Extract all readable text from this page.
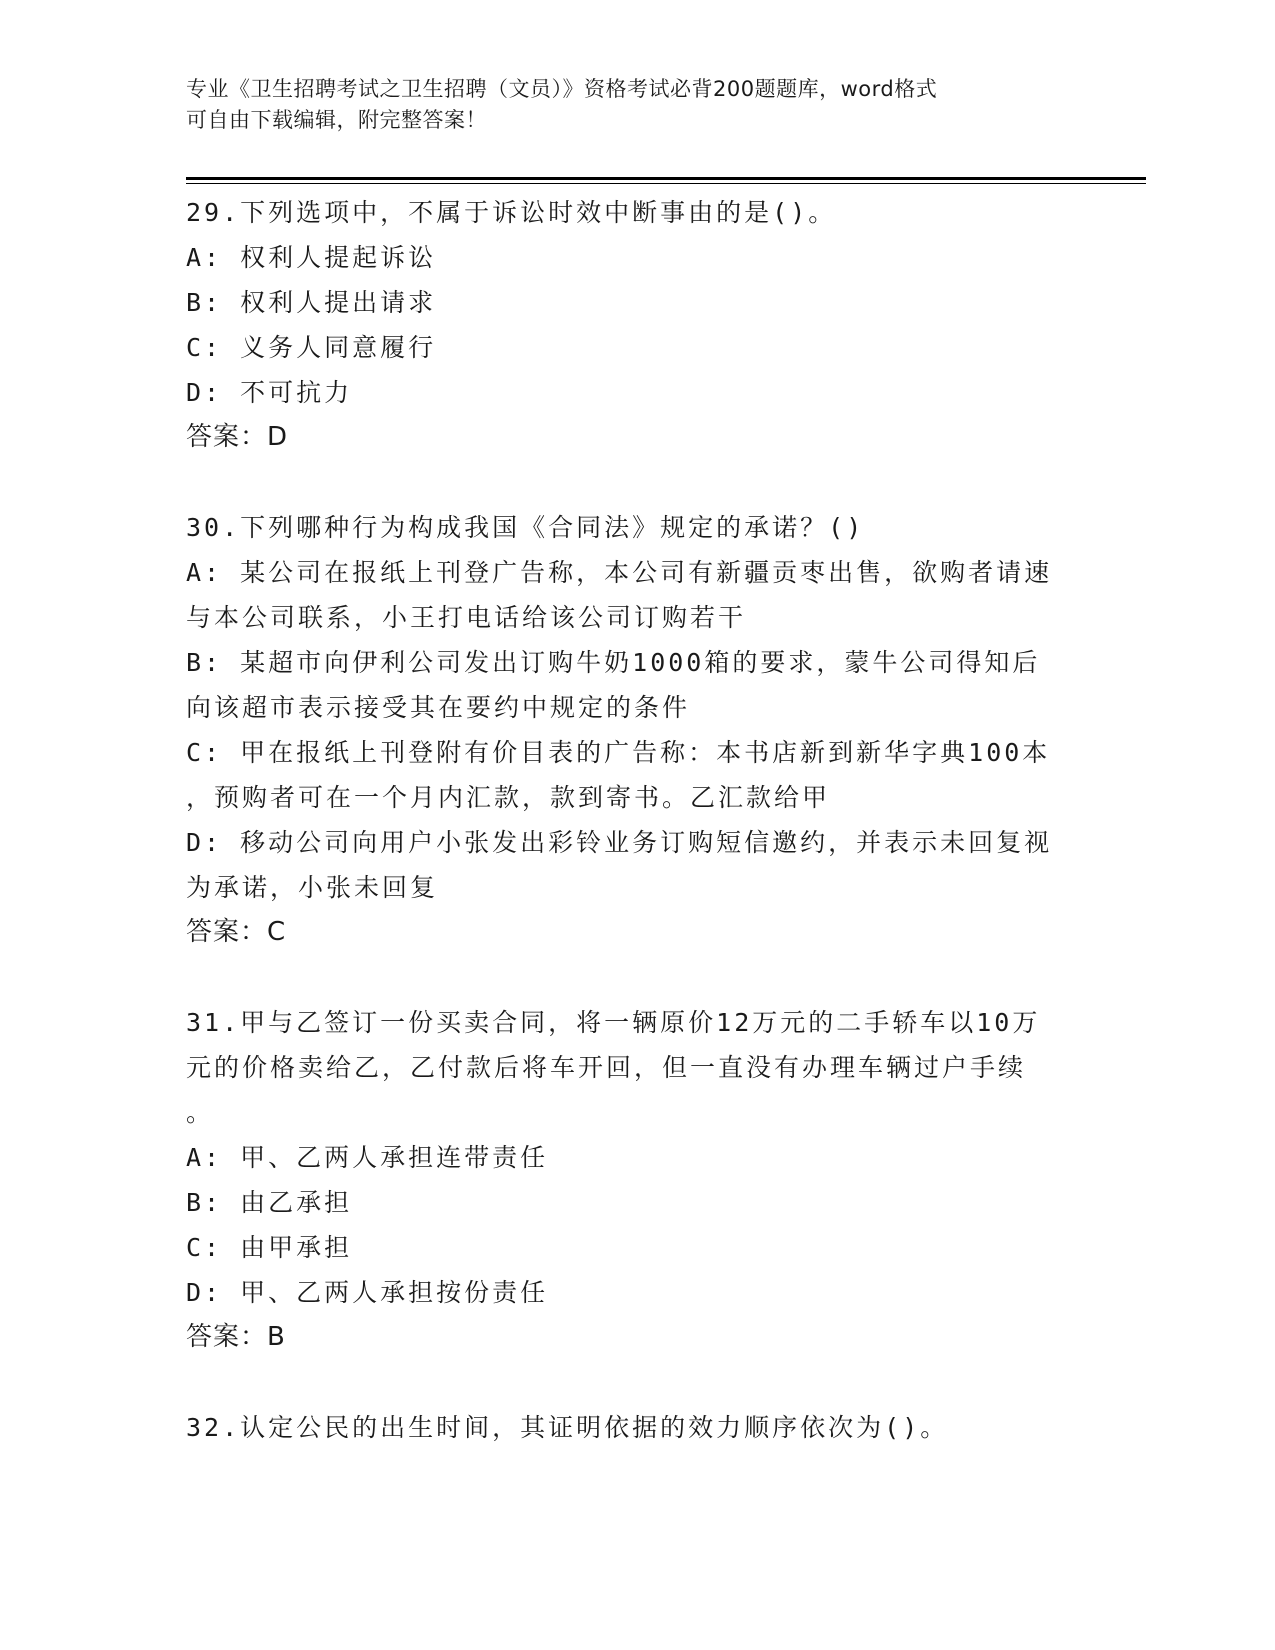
专业《卫生招聘考试之卫生招聘（文员）》资格考试必背200题题库，word格式
可自由下载编辑，附完整答案！
29.下列选项中，不属于诉讼时效中断事由的是()。
A: 权利人提起诉讼
B: 权利人提出请求
C: 义务人同意履行
D: 不可抗力
答案：D
30.下列哪种行为构成我国《合同法》规定的承诺？()
A: 某公司在报纸上刊登广告称，本公司有新疆贡枣出售，欲购者请速
与本公司联系，小王打电话给该公司订购若干
B: 某超市向伊利公司发出订购牛奶1000箱的要求，蒙牛公司得知后
向该超市表示接受其在要约中规定的条件
C: 甲在报纸上刊登附有价目表的广告称：本书店新到新华字典100本
，预购者可在一个月内汇款，款到寄书。乙汇款给甲
D: 移动公司向用户小张发出彩铃业务订购短信邀约，并表示未回复视
为承诺，小张未回复
答案：C
31.甲与乙签订一份买卖合同，将一辆原价12万元的二手轿车以10万
元的价格卖给乙，乙付款后将车开回，但一直没有办理车辆过户手续
。
A: 甲、乙两人承担连带责任
B: 由乙承担
C: 由甲承担
D: 甲、乙两人承担按份责任
答案：B
32.认定公民的出生时间，其证明依据的效力顺序依次为()。
